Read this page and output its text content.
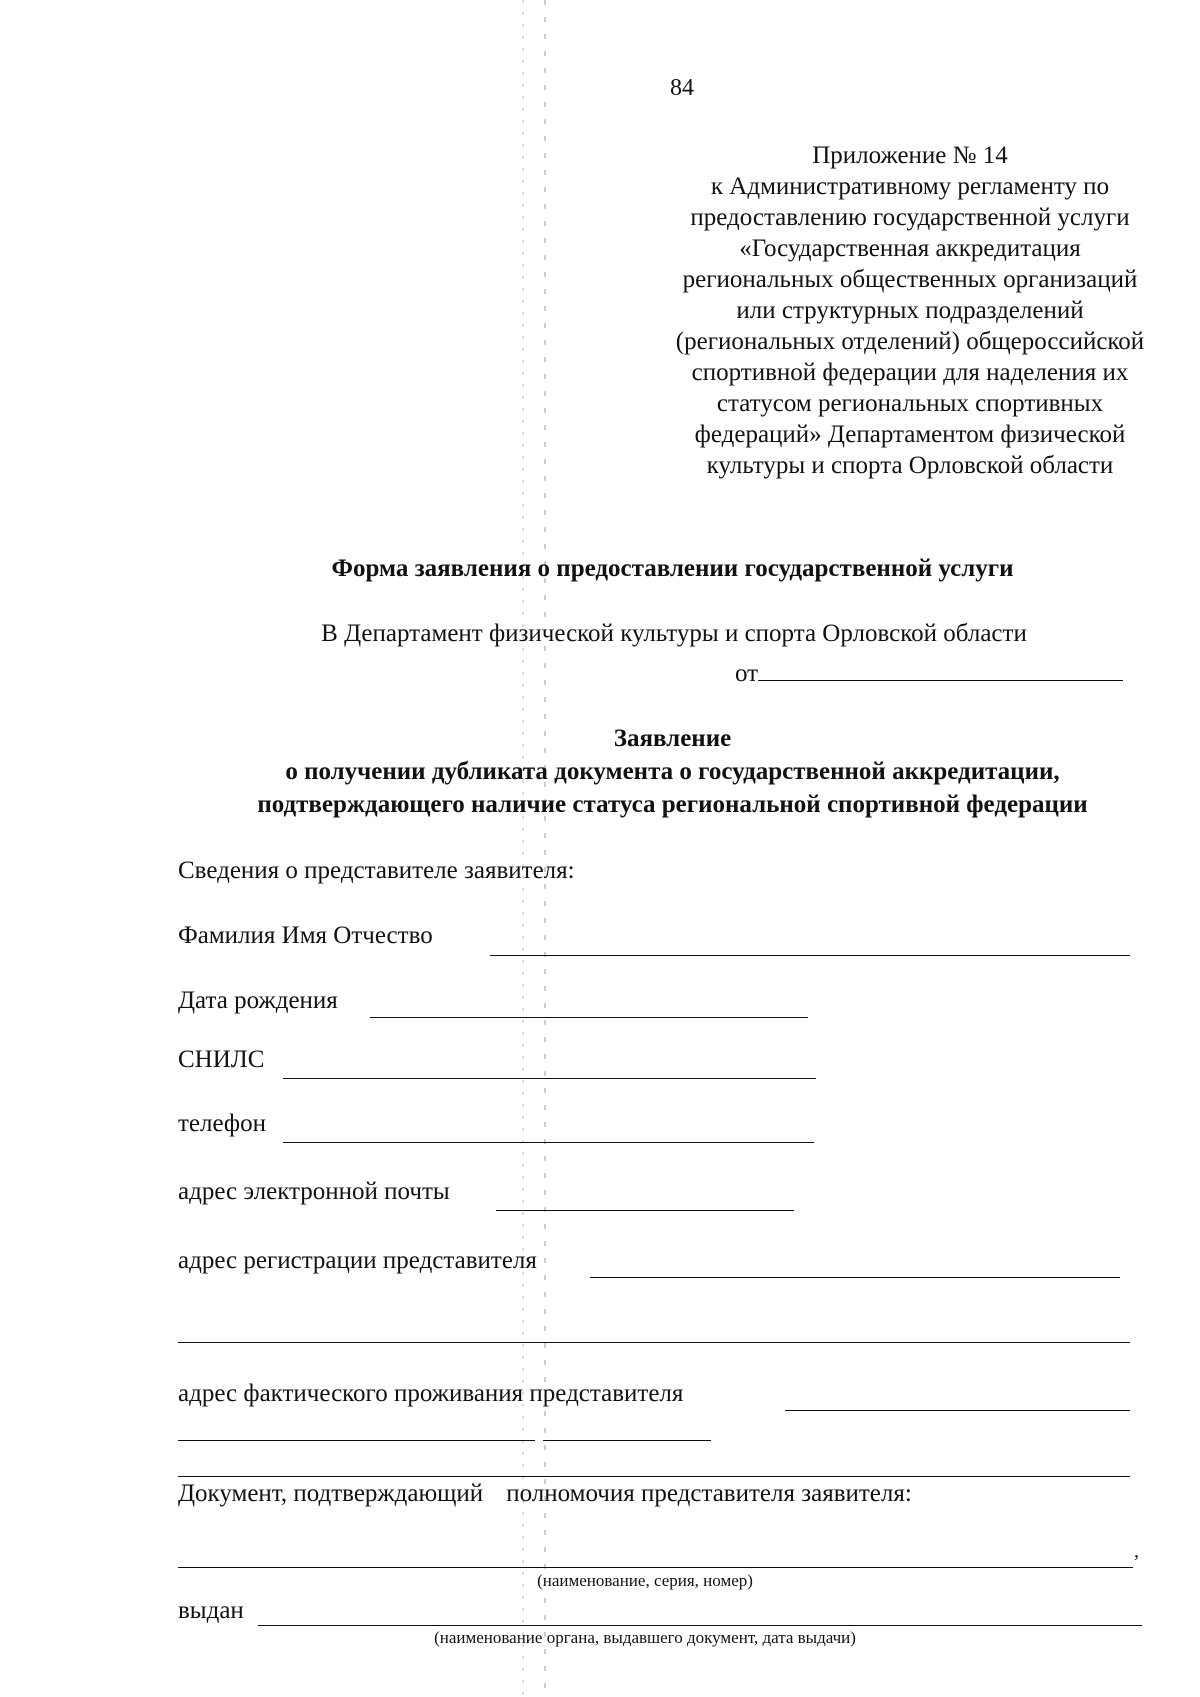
84
Приложение № 14
к Административному регламенту по
предоставлению государственной услуги
«Государственная аккредитация
региональных общественных организаций
или структурных подразделений
(региональных отделений) общероссийской
спортивной федерации для наделения их
статусом региональных спортивных
федераций» Департаментом физической
культуры и спорта Орловской области
Форма заявления о предоставлении государственной услуги
В Департамент физической культуры и спорта Орловской области
от
Заявление
о получении дубликата документа о государственной аккредитации,
подтверждающего наличие статуса региональной спортивной федерации
Сведения о представителе заявителя:
Фамилия Имя Отчество
Дата рождения
СНИЛС
телефон
адрес электронной почты
адрес регистрации представителя
адрес фактического проживания представителя
Документ, подтверждающий полномочия представителя заявителя:
,
(наименование, серия, номер)
выдан
(наименование органа, выдавшего документ, дата выдачи)
